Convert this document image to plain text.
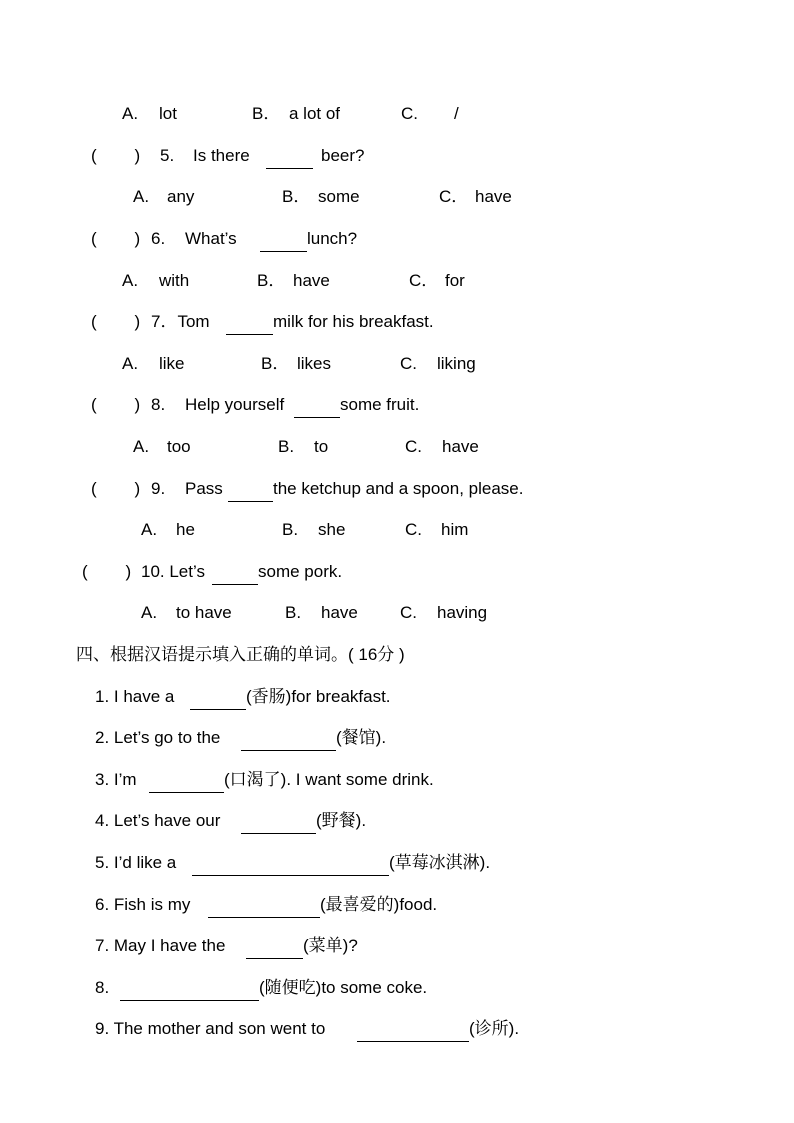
A. lot	B． a lot of	C. /
(        ) 5. Is there	beer?
A. any	B． some	C． have
(        ) 6. What’s	lunch?
A. with	B． have	C． for
(        ) 7．Tom	milk for his breakfast.
A. like	B． likes	C. liking
(        ) 8. Help yourself	some fruit.
A. too	B. to	C. have
(        ) 9. Pass	the ketchup and a spoon, please.
A. he	B. she	C. him
(        ) 10. Let’s	some pork.
A. to have	B. have C. having
四、根据汉语提示填入正确的单词。( 16分 )
1. I have a	(香肠)for breakfast.
2. Let’s go to the	(餐馆).
3. I’m	(口渴了). I want some drink.
4. Let’s have our	(野餐).
5. I’d like a	(草莓冰淇淋).
6. Fish is my	(最喜爱的)food.
7. May I have the	(菜单)?
8.	(随便吃)to some coke.
9. The mother and son went to	(诊所).
